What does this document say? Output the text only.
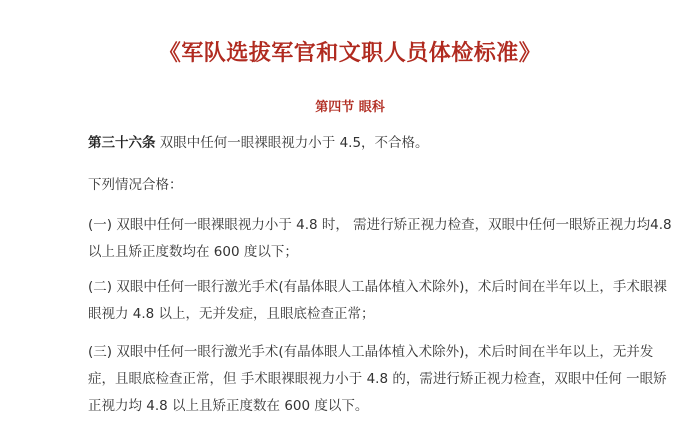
《军队选拔军官和文职人员体检标准》
第四节 眼科

第三十六条 双眼中任何一眼裸眼视力小于 4.5，不合格。

下列情况合格：

(一) 双眼中任何一眼裸眼视力小于 4.8 时， 需进行矫正视力检查，双眼中任何一眼矫正视力均4.8 以上且矫正度数均在 600 度以下；

(二) 双眼中任何一眼行激光手术(有晶体眼人工晶体植入术除外)，术后时间在半年以上，手术眼裸眼视力 4.8 以上，无并发症，且眼底检查正常；

(三) 双眼中任何一眼行激光手术(有晶体眼人工晶体植入术除外)，术后时间在半年以上，无并发症，且眼底检查正常，但 手术眼裸眼视力小于 4.8 的，需进行矫正视力检查，双眼中任何 一眼矫正视力均 4.8 以上且矫正度数在 600 度以下。
